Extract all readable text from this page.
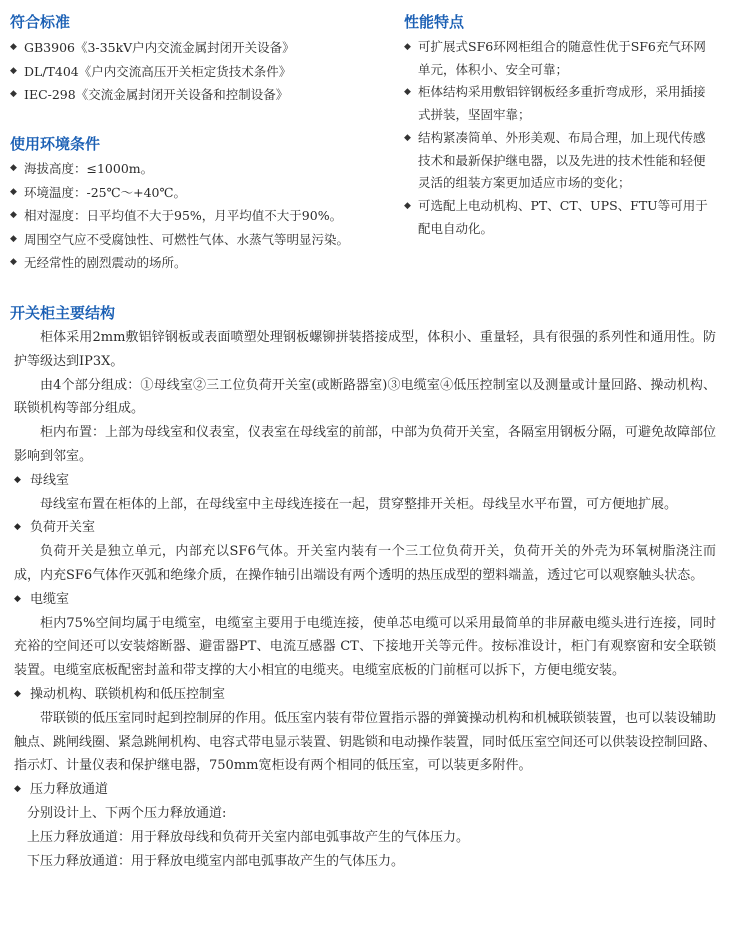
符合标准
◆ GB3906《3-35kV户内交流金属封闭开关设备》
◆ DL/T404《户内交流高压开关柜定货技术条件》
◆ IEC-298《交流金属封闭开关设备和控制设备》
使用环境条件
◆ 海拔高度：≤1000m。
◆ 环境温度：-25℃～+40℃。
◆ 相对湿度：日平均值不大于95%，月平均值不大于90%。
◆ 周围空气应不受腐蚀性、可燃性气体、水蒸气等明显污染。
◆ 无经常性的剧烈震动的场所。
性能特点
◆ 可扩展式SF6环网柜组合的随意性优于SF6充气环网单元，体积小、安全可靠；
◆ 柜体结构采用敷铝锌钢板经多重折弯成形，采用插接式拼装，坚固牢靠；
◆ 结构紧凑简单、外形美观、布局合理，加上现代传感技术和最新保护继电器，以及先进的技术性能和轻便灵活的组装方案更加适应市场的变化；
◆ 可选配上电动机构、PT、CT、UPS、FTU等可用于配电自动化。
开关柜主要结构

柜体采用2mm敷铝锌钢板或表面喷塑处理钢板螺铆拼装搭接成型，体积小、重量轻，具有很强的系列性和通用性。防护等级达到IP3X。

由4个部分组成：①母线室②三工位负荷开关室(或断路器室)③电缆室④低压控制室以及测量或计量回路、操动机构、联锁机构等部分组成。

柜内布置：上部为母线室和仪表室，仪表室在母线室的前部，中部为负荷开关室，各隔室用钢板分隔，可避免故障部位影响到邻室。

◆ 母线室

母线室布置在柜体的上部，在母线室中主母线连接在一起，贯穿整排开关柜。母线呈水平布置，可方便地扩展。

◆ 负荷开关室

负荷开关是独立单元，内部充以SF6气体。开关室内装有一个三工位负荷开关，负荷开关的外壳为环氧树脂浇注而成，内充SF6气体作灭弧和绝缘介质，在操作轴引出端设有两个透明的热压成型的塑料端盖，透过它可以观察触头状态。

◆ 电缆室

柜内75%空间均属于电缆室，电缆室主要用于电缆连接，使单芯电缆可以采用最简单的非屏蔽电缆头进行连接，同时充裕的空间还可以安装熔断器、避雷器PT、电流互感器 CT、下接地开关等元件。按标准设计，柜门有观察窗和安全联锁装置。电缆室底板配密封盖和带支撑的大小相宜的电缆夹。电缆室底板的门前框可以拆下，方便电缆安装。

◆ 操动机构、联锁机构和低压控制室

带联锁的低压室同时起到控制屏的作用。低压室内装有带位置指示器的弹簧操动机构和机械联锁装置，也可以装设辅助触点、跳闸线圈、紧急跳闸机构、电容式带电显示装置、钥匙锁和电动操作装置，同时低压室空间还可以供装设控制回路、指示灯、计量仪表和保护继电器，750mm宽柜设有两个相同的低压室，可以装更多附件。

◆ 压力释放通道

分别设计上、下两个压力释放通道:

上压力释放通道：用于释放母线和负荷开关室内部电弧事故产生的气体压力。

下压力释放通道：用于释放电缆室内部电弧事故产生的气体压力。
